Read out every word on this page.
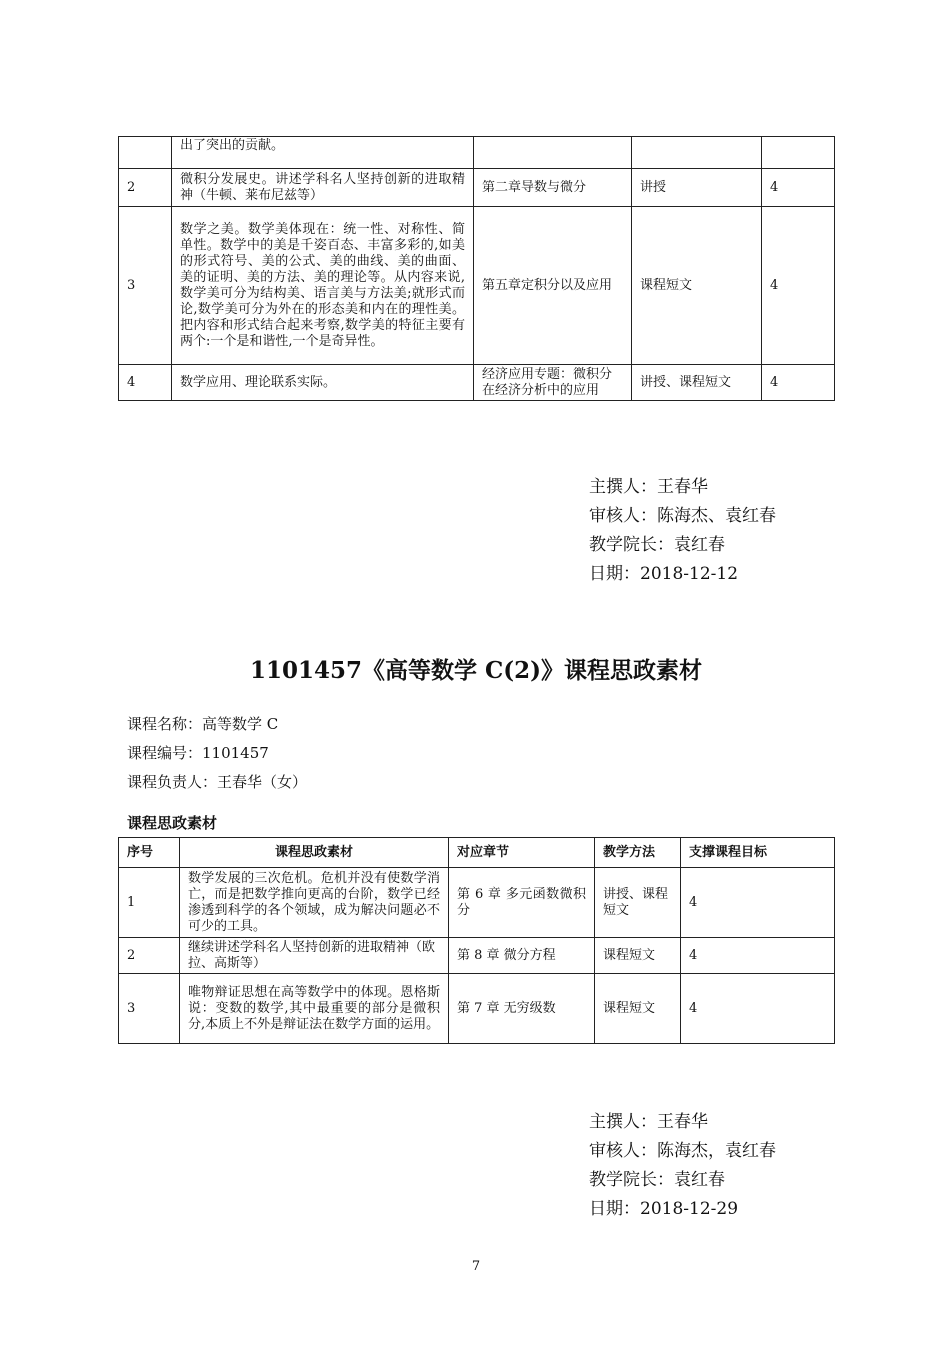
	出了突出的贡献。			
2	微积分发展史。讲述学科名人坚持创新的进取精神（牛顿、莱布尼兹等）	第二章导数与微分	讲授	4
3	数学之美。数学美体现在：统一性、对称性、简单性。数学中的美是千姿百态、丰富多彩的,如美的形式符号、美的公式、美的曲线、美的曲面、美的证明、美的方法、美的理论等。从内容来说,数学美可分为结构美、语言美与方法美;就形式而论,数学美可分为外在的形态美和内在的理性美。把内容和形式结合起来考察,数学美的特征主要有两个:一个是和谐性,一个是奇异性。	第五章定积分以及应用	课程短文	4
4	数学应用、理论联系实际。	经济应用专题：微积分在经济分析中的应用	讲授、课程短文	4
主撰人：王春华
审核人：陈海杰、袁红春
教学院长：袁红春
日期：2018-12-12
1101457《高等数学 C(2)》课程思政素材
课程名称：高等数学 C
课程编号：1101457
课程负责人：王春华（女）
课程思政素材
序号	课程思政素材	对应章节	教学方法	支撑课程目标
1	数学发展的三次危机。危机并没有使数学消亡，而是把数学推向更高的台阶，数学已经渗透到科学的各个领域，成为解决问题必不可少的工具。	第 6 章 多元函数微积分	讲授、课程短文	4
2	继续讲述学科名人坚持创新的进取精神（欧拉、高斯等）	第 8 章 微分方程	课程短文	4
3	唯物辩证思想在高等数学中的体现。恩格斯说：变数的数学,其中最重要的部分是微积分,本质上不外是辩证法在数学方面的运用。	第 7 章 无穷级数	课程短文	4
主撰人：王春华
审核人：陈海杰，袁红春
教学院长：袁红春
日期：2018-12-29
7
